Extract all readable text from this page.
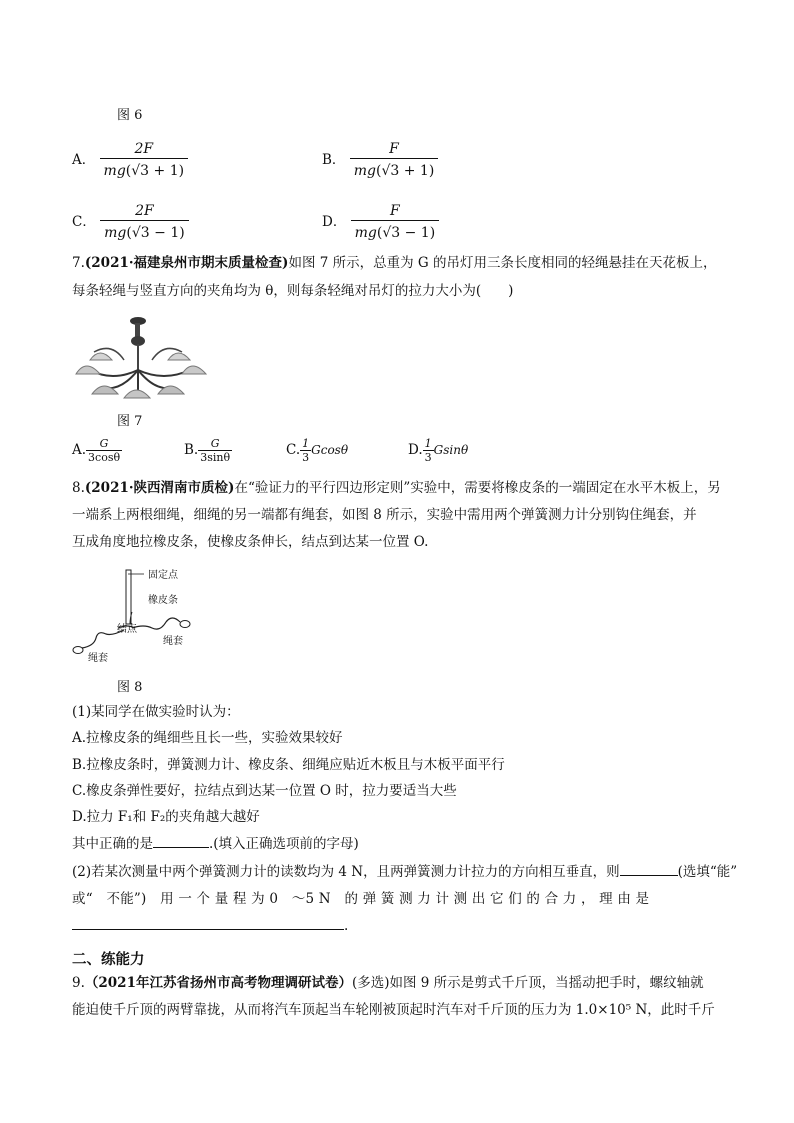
图 6
A． $\frac{2F}{mg(√3 + 1)}$	B． $\frac{F}{mg(√3 + 1)}$
C． $\frac{2F}{mg(√3 - 1)}$	D． $\frac{F}{mg(√3 - 1)}$
7.(2021·福建泉州市期末质量检查)如图 7 所示，总重为 G 的吊灯用三条长度相同的轻绳悬挂在天花板上，
每条轻绳与竖直方向的夹角均为 θ，则每条轻绳对吊灯的拉力大小为(　　)
图 7
A. $\frac{G}{3\cos\theta}$	B. $\frac{G}{3\sin\theta}$	C. $\frac{1}{3}$ Gcosθ	D. $\frac{1}{3}$ Gsinθ
8.(2021·陕西渭南市质检)在“验证力的平行四边形定则”实验中，需要将橡皮条的一端固定在水平木板上，另
一端系上两根细绳，细绳的另一端都有绳套，如图 8 所示，实验中需用两个弹簧测力计分别钩住绳套，并
互成角度地拉橡皮条，使橡皮条伸长，结点到达某一位置 O.
固定点
橡皮条
结点
绳套
绳套
图 8
(1)某同学在做实验时认为：
A.拉橡皮条的绳细些且长一些，实验效果较好
B.拉橡皮条时，弹簧测力计、橡皮条、细绳应贴近木板且与木板平面平行
C.橡皮条弹性要好，拉结点到达某一位置 O 时，拉力要适当大些
D.拉力 F₁和 F₂的夹角越大越好
其中正确的是	.(填入正确选项前的字母)
(2)若某次测量中两个弹簧测力计的读数均为 4 N，且两弹簧测力计拉力的方向相互垂直，则	(选填“能”
或“　不能”)　用 一 个 量 程 为 0　～5 N　的 弹 簧 测 力 计 测 出 它 们 的 合 力 ， 理 由 是
.
二、练能力
9.（2021年江苏省扬州市高考物理调研试卷）(多选)如图 9 所示是剪式千斤顶，当摇动把手时，螺纹轴就
能迫使千斤顶的两臂靠拢，从而将汽车顶起当车轮刚被顶起时汽车对千斤顶的压力为 1.0×10⁵ N，此时千斤
